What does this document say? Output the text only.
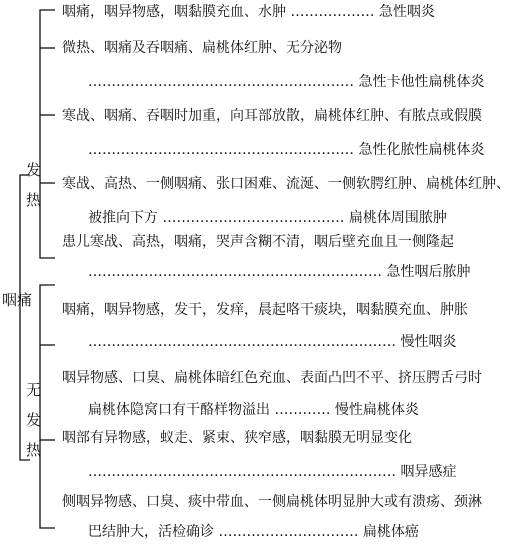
咽痛
发
热
无
发
热
咽痛，咽异物感，咽黏膜充血、水肿 ……………… 急性咽炎
微热、咽痛及吞咽痛、扁桃体红肿、无分泌物
………………………………………………… 急性卡他性扁桃体炎
寒战、咽痛、吞咽时加重，向耳部放散，扁桃体红肿、有脓点或假膜
………………………………………………… 急性化脓性扁桃体炎
寒战、高热、一侧咽痛、张口困难、流涎、一侧软腭红肿、扁桃体红肿、
被推向下方 ………………………………… 扁桃体周围脓肿
患儿寒战、高热，咽痛，哭声含糊不清，咽后壁充血且一侧隆起
……………………………………………………… 急性咽后脓肿
咽痛，咽异物感，发干，发痒，晨起咯干痰块，咽黏膜充血、肿胀
………………………………………………………… 慢性咽炎
咽异物感、口臭、扁桃体暗红色充血、表面凸凹不平、挤压腭舌弓时
扁桃体隐窝口有干酪样物溢出 ………… 慢性扁桃体炎
咽部有异物感，蚁走、紧束、狭窄感，咽黏膜无明显变化
………………………………………………………… 咽异感症
侧咽异物感、口臭、痰中带血、一侧扁桃体明显肿大或有溃疡、颈淋
巴结肿大，活检确诊 ………………………… 扁桃体癌
